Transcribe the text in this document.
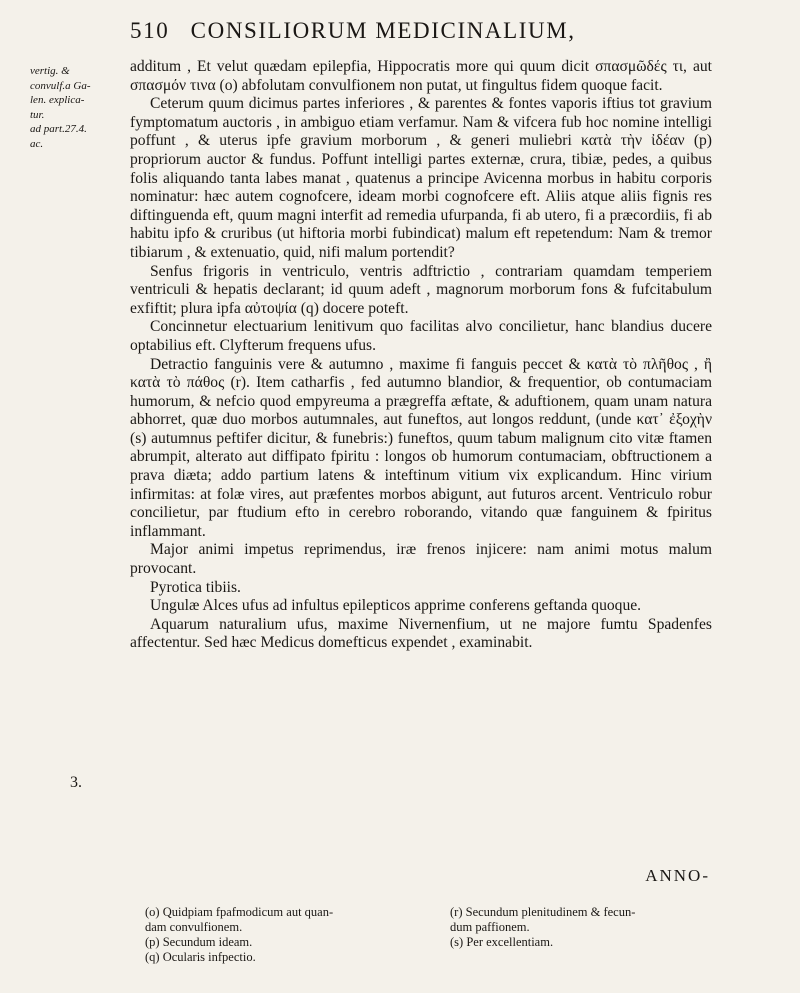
510 CONSILIORUM MEDICINALIUM,
vertig. &
convulf.a Ga-
len. explica-
tur.
ad part.27.4.
ac.
3.

additum , Et velut quædam epilepfia, Hippocratis more qui quum dicit σπασμῶδές τι, aut σπασμόν τινα (o) abfolutam convulfionem non putat, ut fingultus fidem quoque facit.

Ceterum quum dicimus partes inferiores , & parentes & fontes vaporis iftius tot gravium fymptomatum auctoris , in ambiguo etiam verfamur. Nam & vifcera fub hoc nomine intelligi poffunt , & uterus ipfe gravium morborum , & generi muliebri κατὰ τὴν ἰδέαν (p) propriorum auctor & fundus. Poffunt intelligi partes externæ, crura, tibiæ, pedes, a quibus folis aliquando tanta labes manat , quatenus a principe Avicenna morbus in habitu corporis nominatur: hæc autem cognofcere, ideam morbi cognofcere eft. Aliis atque aliis fignis res diftinguenda eft, quum magni interfit ad remedia ufurpanda, fi ab utero, fi a præcordiis, fi ab habitu ipfo & cruribus (ut hiftoria morbi fubindicat) malum eft repetendum: Nam & tremor tibiarum , & extenuatio, quid, nifi malum portendit?

Senfus frigoris in ventriculo, ventris adftrictio , contrariam quamdam temperiem ventriculi & hepatis declarant; id quum adeft , magnorum morborum fons & fufcitabulum exfiftit; plura ipfa αὐτοψία (q) docere poteft.

Concinnetur electuarium lenitivum quo facilitas alvo concilietur, hanc blandius ducere optabilius eft. Clyfterum frequens ufus.

Detractio fanguinis vere & autumno , maxime fi fanguis peccet & κατὰ τὸ πλῆθος , ἢ κατὰ τὸ πάθος (r). Item catharfis , fed autumno blandior, & frequentior, ob contumaciam humorum, & nefcio quod empyreuma a prægreffa æftate, & aduftionem, quam unam natura abhorret, quæ duo morbos autumnales, aut funeftos, aut longos reddunt, (unde κατ᾽ ἐξοχὴν (s) autumnus peftifer dicitur, & funebris:) funeftos, quum tabum malignum cito vitæ ftamen abrumpit, alterato aut diffipato fpiritu : longos ob humorum contumaciam, obftructionem a prava diæta; addo partium latens & inteftinum vitium vix explicandum. Hinc virium infirmitas: at folæ vires, aut præfentes morbos abigunt, aut futuros arcent. Ventriculo robur concilietur, par ftudium efto in cerebro roborando, vitando quæ fanguinem & fpiritus inflammant.

Major animi impetus reprimendus, iræ frenos injicere: nam animi motus malum provocant.

Pyrotica tibiis.

Ungulæ Alces ufus ad infultus epilepticos apprime conferens geftanda quoque.

Aquarum naturalium ufus, maxime Nivernenfium, ut ne majore fumtu Spadenfes affectentur. Sed hæc Medicus domefticus expendet , examinabit.

ANNO-
(o) Quidpiam fpafmodicum aut quan-
dam convulfionem.
(p) Secundum ideam.
(q) Ocularis infpectio.
(r) Secundum plenitudinem & fecun-
dum paffionem.
(s) Per excellentiam.
